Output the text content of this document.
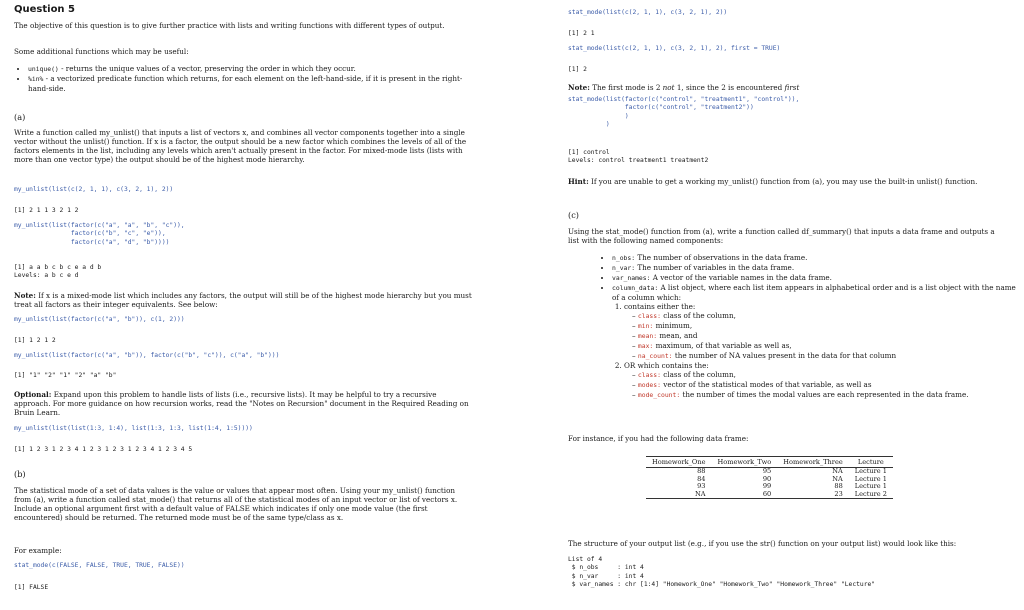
Question 5

The objective of this question is to give further practice with lists and writing functions with different types of output.

Some additional functions which may be useful:

• unique() - returns the unique values of a vector, preserving the order in which they occur.
• %in% - a vectorized predicate function which returns, for each element on the left-hand-side, if it is present in the right-hand-side.
(a)

Write a function called my_unlist() that inputs a list of vectors x, and combines all vector components together into a single vector without the unlist() function. If x is a factor, the output should be a new factor which combines the levels of all of the factors elements in the list, including any levels which aren't actually present in the factor. For mixed-mode lists (lists with more than one vector type) the output should be of the highest mode hierarchy.

my_unlist(list(c(2, 1, 1), c(3, 2, 1), 2))
[1] 2 1 1 3 2 1 2
my_unlist(list(factor(c("a", "a", "b", "c")),
factor(c("b", "c", "e")),
factor(c("a", "d", "b"))))
[1] a a b c b c e a d b
Levels: a b c e d

Note: If x is a mixed-mode list which includes any factors, the output will still be of the highest mode hierarchy but you must treat all factors as their integer equivalents. See below:

my_unlist(list(factor(c("a", "b")), c(1, 2)))
[1] 1 2 1 2
my_unlist(list(factor(c("a", "b")), factor(c("b", "c")), c("a", "b")))
[1] "1" "2" "1" "2" "a" "b"

Optional: Expand upon this problem to handle lists of lists (i.e., recursive lists). It may be helpful to try a recursive approach. For more guidance on how recursion works, read the "Notes on Recursion" document in the Required Reading on Bruin Learn.

my_unlist(list(list(1:3, 1:4), list(1:3, 1:3, list(1:4, 1:5))))
[1] 1 2 3 1 2 3 4 1 2 3 1 2 3 1 2 3 4 1 2 3 4 5
(b)

The statistical mode of a set of data values is the value or values that appear most often. Using your my_unlist() function from (a), write a function called stat_mode() that returns all of the statistical modes of an input vector or list of vectors x. Include an optional argument first with a default value of FALSE which indicates if only one mode value (the first encountered) should be returned. The returned mode must be of the same type/class as x.

For example:

stat_mode(c(FALSE, FALSE, TRUE, TRUE, FALSE))
[1] FALSE
stat_mode(list(c(2, 1, 1), c(3, 2, 1), 2))
[1] 2 1
stat_mode(list(c(2, 1, 1), c(3, 2, 1), 2), first = TRUE)
[1] 2

Note: The first mode is 2 not 1, since the 2 is encountered first

stat_mode(list(factor(c("control", "treatment1", "control")),
factor(c("control", "treatment2"))
)
)
[1] control
Levels: control treatment1 treatment2

Hint: If you are unable to get a working my_unlist() function from (a), you may use the built-in unlist() function.

(c)

Using the stat_mode() function from (a), write a function called df_summary() that inputs a data frame and outputs a list with the following named components:

• n_obs: The number of observations in the data frame.
• n_var: The number of variables in the data frame.
• var_names: A vector of the variable names in the data frame.
• column_data: A list object, where each list item appears in alphabetical order and is a list object with the name of a column which:
1. contains either the:
– class: class of the column,
– min: minimum,
– mean: mean, and
– max: maximum, of that variable as well as,
– na_count: the number of NA values present in the data for that column
2. OR which contains the:
– class: class of the column,
– modes: vector of the statistical modes of that variable, as well as
– mode_count: the number of times the modal values are each represented in the data frame.

For instance, if you had the following data frame:

Homework_One	Homework_Two	Homework_Three	Lecture
88	95	NA	Lecture 1
84	90	NA	Lecture 1
93	99	88	Lecture 1
NA	60	23	Lecture 2

The structure of your output list (e.g., if you use the str() function on your output list) would look like this:

List of 4
$ n_obs     : int 4
$ n_var     : int 4
$ var_names : chr [1:4] "Homework_One" "Homework_Two" "Homework_Three" "Lecture"
